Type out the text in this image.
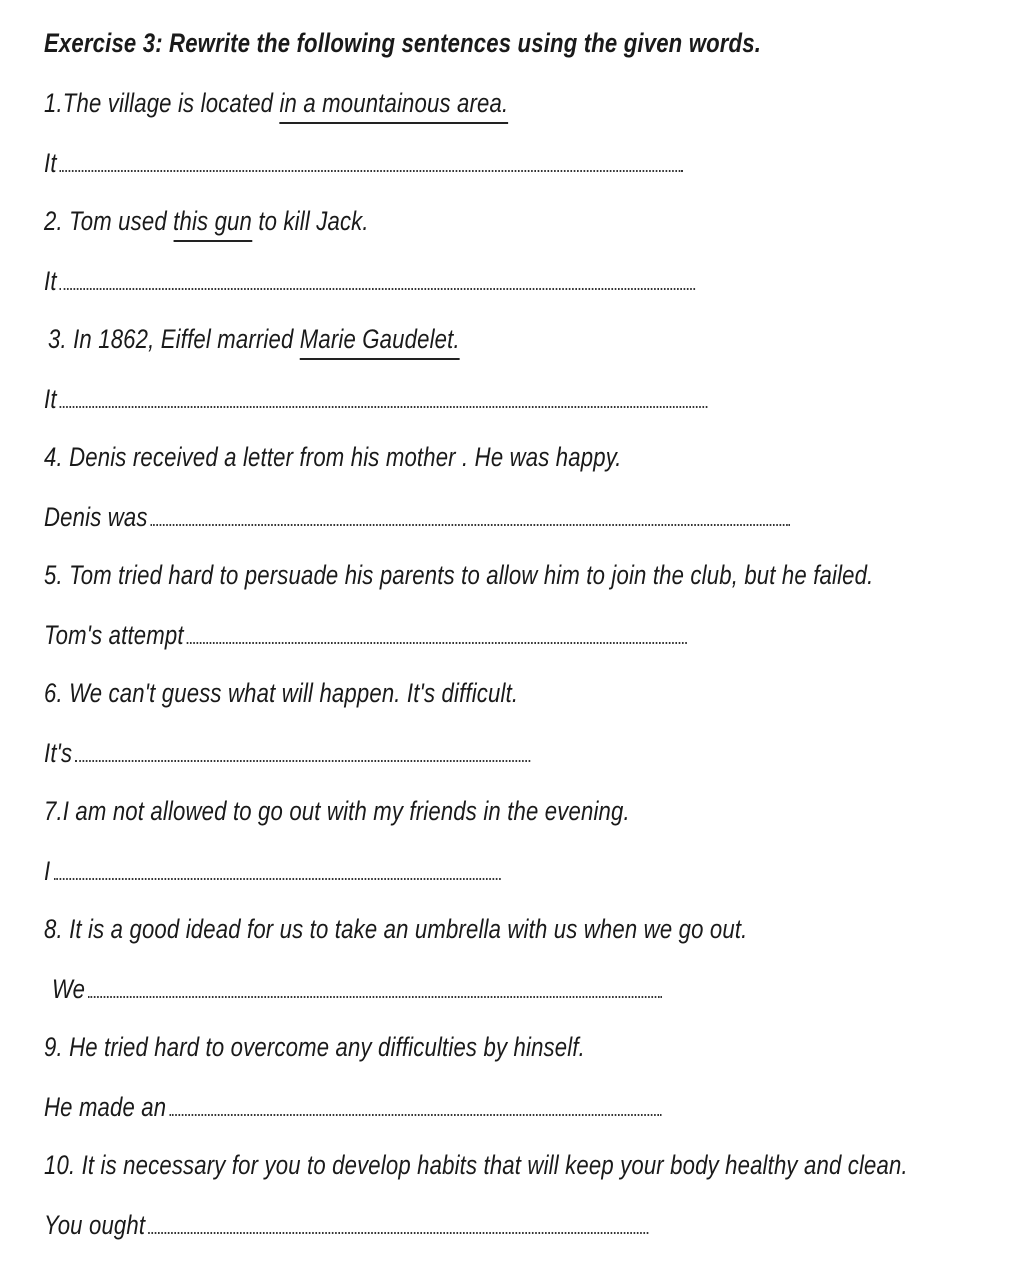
Exercise 3: Rewrite the following sentences using the given words.
1.The village is located in a mountainous area.
It
2. Tom used this gun to kill Jack.
It
3. In 1862, Eiffel married Marie Gaudelet.
It
4. Denis received a letter from his mother . He was happy.
Denis was
5. Tom tried hard to persuade his parents to allow him to join the club, but he failed.
Tom's attempt
6. We can't guess what will happen. It's difficult.
It's
7.I am not allowed to go out with my friends in the evening.
I
8. It is a good idead for us to take an umbrella with us when we go out.
We
9. He tried hard to overcome any difficulties by hinself.
He made an
10. It is necessary for you to develop habits that will keep your body healthy and clean.
You ought
